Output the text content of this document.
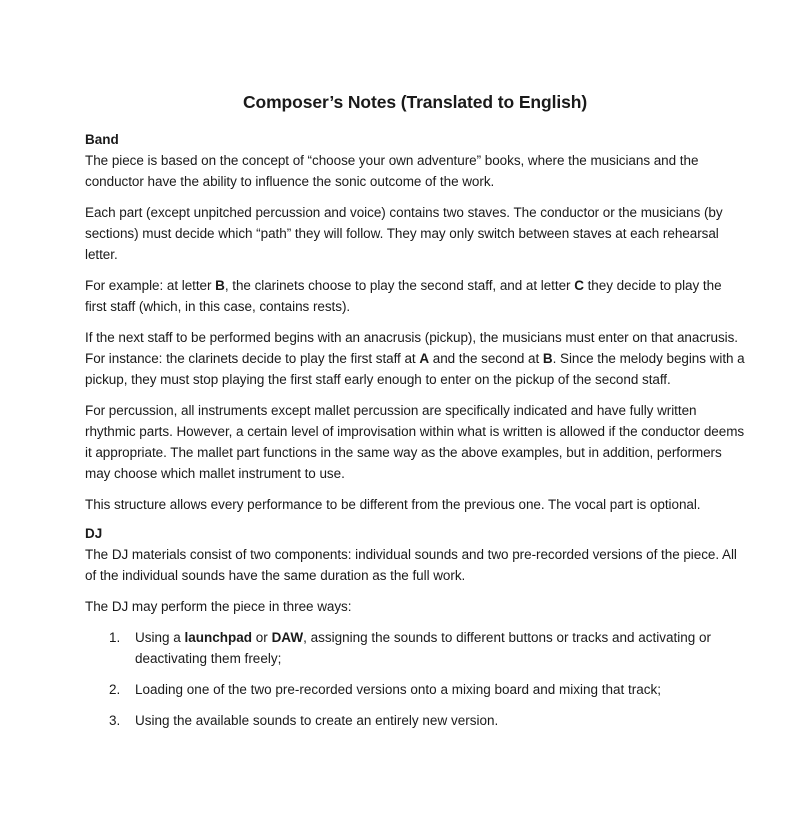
Composer’s Notes (Translated to English)
Band

The piece is based on the concept of “choose your own adventure” books, where the musicians and the conductor have the ability to influence the sonic outcome of the work.

Each part (except unpitched percussion and voice) contains two staves. The conductor or the musicians (by sections) must decide which “path” they will follow. They may only switch between staves at each rehearsal letter.

For example: at letter B, the clarinets choose to play the second staff, and at letter C they decide to play the first staff (which, in this case, contains rests).

If the next staff to be performed begins with an anacrusis (pickup), the musicians must enter on that anacrusis. For instance: the clarinets decide to play the first staff at A and the second at B. Since the melody begins with a pickup, they must stop playing the first staff early enough to enter on the pickup of the second staff.

For percussion, all instruments except mallet percussion are specifically indicated and have fully written rhythmic parts. However, a certain level of improvisation within what is written is allowed if the conductor deems it appropriate. The mallet part functions in the same way as the above examples, but in addition, performers may choose which mallet instrument to use.

This structure allows every performance to be different from the previous one. The vocal part is optional.

DJ

The DJ materials consist of two components: individual sounds and two pre-recorded versions of the piece. All of the individual sounds have the same duration as the full work.

The DJ may perform the piece in three ways:

1.	Using a launchpad or DAW, assigning the sounds to different buttons or tracks and activating or deactivating them freely;
2.	Loading one of the two pre-recorded versions onto a mixing board and mixing that track;
3.	Using the available sounds to create an entirely new version.
